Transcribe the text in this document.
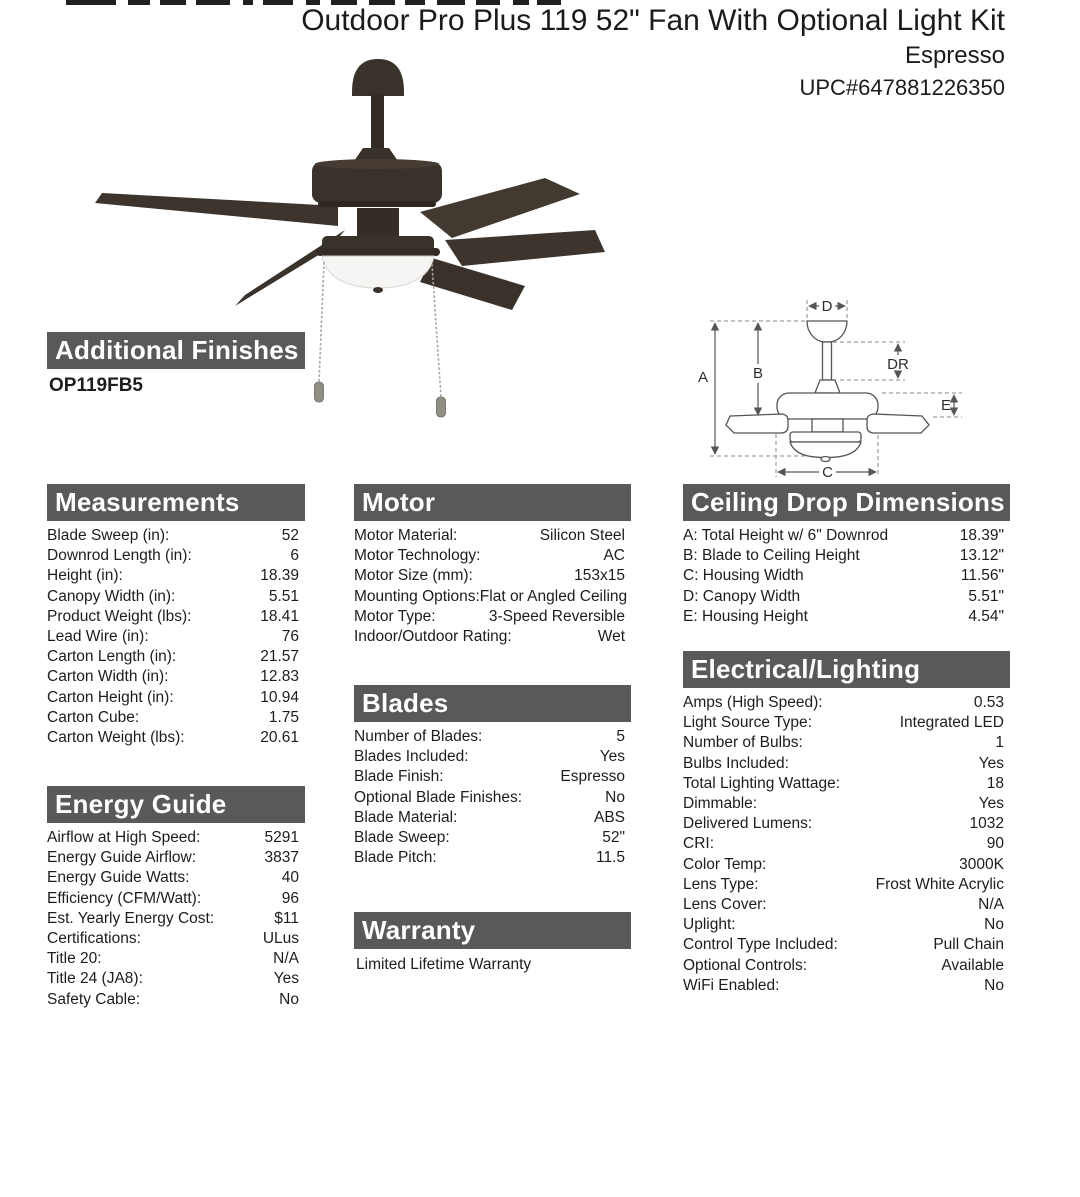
Outdoor Pro Plus 119 52" Fan With Optional Light Kit
Espresso
UPC#647881226350
A	B
C
D
DR
E
Additional Finishes
OP119FB5
Measurements
Blade Sweep (in):	52
Downrod Length (in):	6
Height (in):	18.39
Canopy Width (in):	5.51
Product Weight (lbs):	18.41
Lead Wire (in):	76
Carton Length (in):	21.57
Carton Width (in):	12.83
Carton Height (in):	10.94
Carton Cube:	1.75
Carton Weight (lbs):	20.61
Energy Guide
Airflow at High Speed:	5291
Energy Guide Airflow:	3837
Energy Guide Watts:	40
Efficiency (CFM/Watt):	96
Est. Yearly Energy Cost:	$11
Certifications:	ULus
Title 20:	N/A
Title 24 (JA8):	Yes
Safety Cable:	No
Motor
Motor Material:	Silicon Steel
Motor Technology:	AC
Motor Size (mm):	153x15
Mounting Options: Flat or Angled Ceiling
Motor Type:	3-Speed Reversible
Indoor/Outdoor Rating:	Wet
Blades
Number of Blades:	5
Blades Included:	Yes
Blade Finish:	Espresso
Optional Blade Finishes:	No
Blade Material:	ABS
Blade Sweep:	52"
Blade Pitch:	11.5
Warranty
Limited Lifetime Warranty
Ceiling Drop Dimensions
A: Total Height w/ 6" Downrod	18.39"
B: Blade to Ceiling Height	13.12"
C: Housing Width	11.56"
D: Canopy Width	5.51"
E: Housing Height	4.54"
Electrical/Lighting
Amps (High Speed):	0.53
Light Source Type:	Integrated LED
Number of Bulbs:	1
Bulbs Included:	Yes
Total Lighting Wattage:	18
Dimmable:	Yes
Delivered Lumens:	1032
CRI:	90
Color Temp:	3000K
Lens Type:	Frost White Acrylic
Lens Cover:	N/A
Uplight:	No
Control Type Included:	Pull Chain
Optional Controls:	Available
WiFi Enabled:	No
